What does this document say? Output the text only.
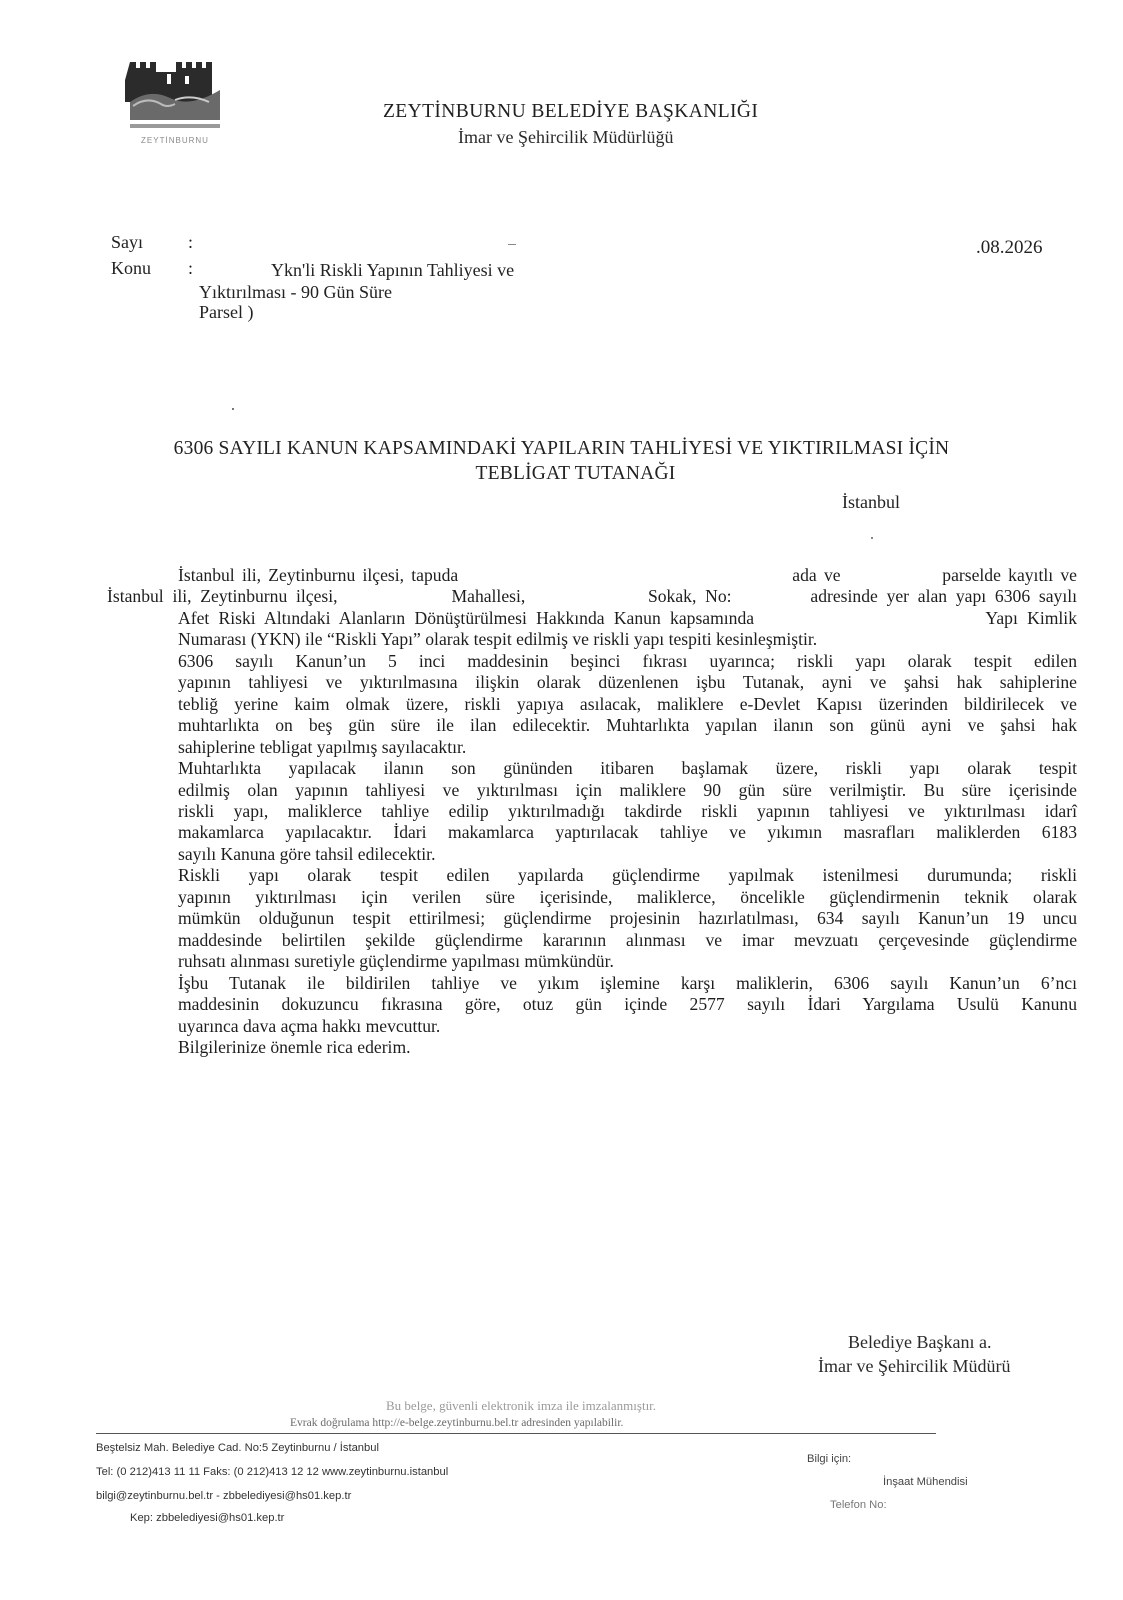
ZEYTİNBURNU
ZEYTİNBURNU BELEDİYE BAŞKANLIĞI
İmar ve Şehircilik Müdürlüğü
Sayı :
Konu :
.08.2026
Ykn'li Riskli Yapının Tahliyesi ve
Yıktırılması - 90 Gün Süre
Parsel )
6306 SAYILI KANUN KAPSAMINDAKİ YAPILARIN TAHLİYESİ VE YIKTIRILMASI İÇİN
TEBLİGAT TUTANAĞI
İstanbul

İstanbul ili, Zeytinburnu ilçesi, tapuda                                              ada ve              parselde kayıtlı ve
İstanbul ili, Zeytinburnu ilçesi,             Mahallesi,              Sokak, No:         adresinde yer alan yapı 6306 sayılı
Afet Riski Altındaki Alanların Dönüştürülmesi Hakkında Kanun kapsamında                         Yapı Kimlik
Numarası (YKN) ile “Riskli Yapı” olarak tespit edilmiş ve riskli yapı tespiti kesinleşmiştir.

6306 sayılı Kanun’un 5 inci maddesinin beşinci fıkrası uyarınca; riskli yapı olarak tespit edilen
yapının tahliyesi ve yıktırılmasına ilişkin olarak düzenlenen işbu Tutanak, ayni ve şahsi hak sahiplerine
tebliğ yerine kaim olmak üzere, riskli yapıya asılacak, maliklere e-Devlet Kapısı üzerinden bildirilecek ve
muhtarlıkta on beş gün süre ile ilan edilecektir. Muhtarlıkta yapılan ilanın son günü ayni ve şahsi hak
sahiplerine tebligat yapılmış sayılacaktır.

Muhtarlıkta yapılacak ilanın son gününden itibaren başlamak üzere, riskli yapı olarak tespit
edilmiş olan yapının tahliyesi ve yıktırılması için maliklere 90 gün süre verilmiştir. Bu süre içerisinde
riskli yapı, maliklerce tahliye edilip yıktırılmadığı takdirde riskli yapının tahliyesi ve yıktırılması idarî
makamlarca yapılacaktır. İdari makamlarca yaptırılacak tahliye ve yıkımın masrafları maliklerden 6183
sayılı Kanuna göre tahsil edilecektir.

Riskli yapı olarak tespit edilen yapılarda güçlendirme yapılmak istenilmesi durumunda; riskli
yapının yıktırılması için verilen süre içerisinde, maliklerce, öncelikle güçlendirmenin teknik olarak
mümkün olduğunun tespit ettirilmesi; güçlendirme projesinin hazırlatılması, 634 sayılı Kanun’un 19 uncu
maddesinde belirtilen şekilde güçlendirme kararının alınması ve imar mevzuatı çerçevesinde güçlendirme
ruhsatı alınması suretiyle güçlendirme yapılması mümkündür.

İşbu Tutanak ile bildirilen tahliye ve yıkım işlemine karşı maliklerin, 6306 sayılı Kanun’un 6’ncı
maddesinin dokuzuncu fıkrasına göre, otuz gün içinde 2577 sayılı İdari Yargılama Usulü Kanunu
uyarınca dava açma hakkı mevcuttur.

Bilgilerinize önemle rica ederim.

Belediye Başkanı a.
İmar ve Şehircilik Müdürü
Bu belge, güvenli elektronik imza ile imzalanmıştır.
Evrak doğrulama http://e-belge.zeytinburnu.bel.tr adresinden yapılabilir.
Beştelsiz Mah. Belediye Cad. No:5 Zeytinburnu / İstanbul
Tel: (0 212)413 11 11 Faks: (0 212)413 12 12 www.zeytinburnu.istanbul
bilgi@zeytinburnu.bel.tr - zbbelediyesi@hs01.kep.tr
Kep: zbbelediyesi@hs01.kep.tr
Bilgi için:
İnşaat Mühendisi
Telefon No:
